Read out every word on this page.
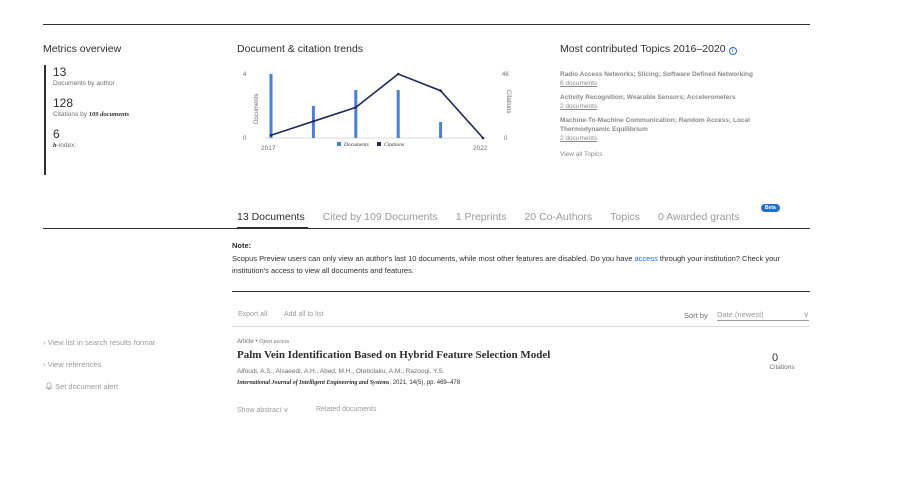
Metrics overview
13
Documents by author
128
Citations by 109 documents
6
h-index:
Document & citation trends
4
0
Documents
46
0
Citations
2017	2022
Documents	Citations
Most contributed Topics 2016–2020 i
Radio Access Networks; Slicing; Software Defined Networking
6 documents
Activity Recognition; Wearable Sensors; Accelerometers
2 documents
Machine-To-Machine Communication; Random Access; Local Thermodynamic Equilibrium
2 documents
View all Topics
13 Documents Cited by 109 Documents 1 Preprints 20 Co-Authors Topics 0 Awarded grants
Beta
Note:
Scopus Preview users can only view an author's last 10 documents, while most other features are disabled. Do you have access through your institution? Check your institution's access to view all documents and features.
Export all Add all to list	Sort by Date (newest)	∨
› View list in search results format
› View references
Set document alert
Article • Open access
Palm Vein Identification Based on Hybrid Feature Selection Model
Alfoudi, A.S., Alsaeedi, A.H., Abed, M.H., Otebolaku, A.M., Razooqi, Y.S.
International Journal of Intelligent Engineering and Systems, 2021, 14(5), pp. 469–478
Show abstract ∨	Related documents
0
Citations
